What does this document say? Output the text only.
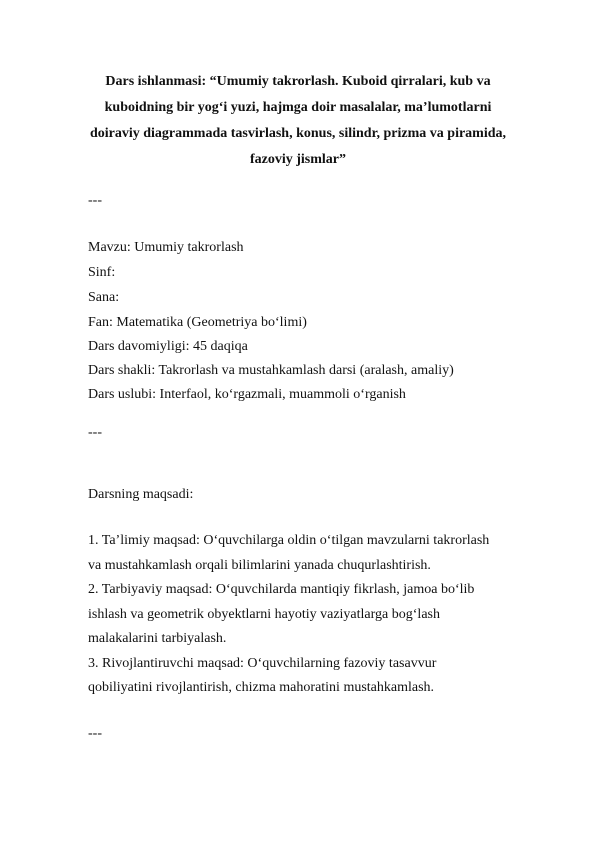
Dars ishlanmasi: “Umumiy takrorlash. Kuboid qirralari, kub va kuboidning bir yog‘i yuzi, hajmga doir masalalar, ma’lumotlarni doiraviy diagrammada tasvirlash, konus, silindr, prizma va piramida, fazoviy jismlar”
---
Mavzu: Umumiy takrorlash
Sinf:
Sana:
Fan: Matematika (Geometriya bo‘limi)
Dars davomiyligi: 45 daqiqa
Dars shakli: Takrorlash va mustahkamlash darsi (aralash, amaliy)
Dars uslubi: Interfaol, ko‘rgazmali, muammoli o‘rganish
---
Darsning maqsadi:
1. Ta’limiy maqsad: O‘quvchilarga oldin o‘tilgan mavzularni takrorlash
va mustahkamlash orqali bilimlarini yanada chuqurlashtirish.
2. Tarbiyaviy maqsad: O‘quvchilarda mantiqiy fikrlash, jamoa bo‘lib
ishlash va geometrik obyektlarni hayotiy vaziyatlarga bog‘lash
malakalarini tarbiyalash.
3. Rivojlantiruvchi maqsad: O‘quvchilarning fazoviy tasavvur
qobiliyatini rivojlantirish, chizma mahoratini mustahkamlash.
---
